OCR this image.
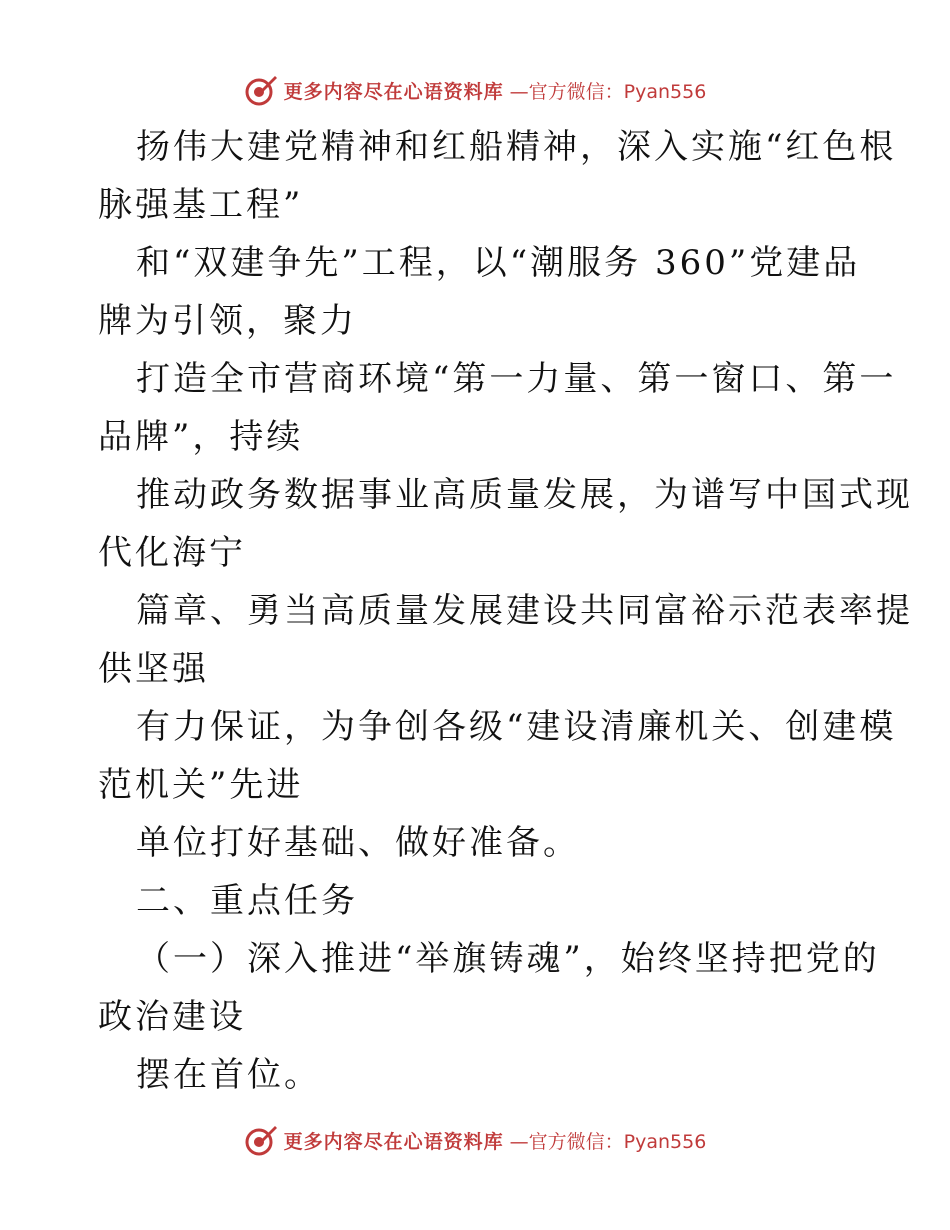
更多内容尽在心语资料库 —官方微信：Pyan556
扬伟大建党精神和红船精神，深入实施“红色根
脉强基工程”
和“双建争先”工程，以“潮服务 360”党建品
牌为引领，聚力
打造全市营商环境“第一力量、第一窗口、第一
品牌”，持续
推动政务数据事业高质量发展，为谱写中国式现
代化海宁
篇章、勇当高质量发展建设共同富裕示范表率提
供坚强
有力保证，为争创各级“建设清廉机关、创建模
范机关”先进
单位打好基础、做好准备。
二、重点任务
（一）深入推进“举旗铸魂”，始终坚持把党的
政治建设
摆在首位。
更多内容尽在心语资料库 —官方微信：Pyan556
